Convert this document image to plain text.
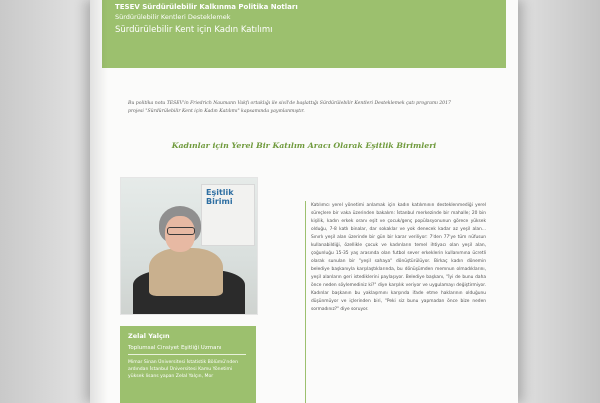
TESEV Sürdürülebilir Kalkınma Politika Notları
Sürdürülebilir Kentleri Desteklemek
Sürdürülebilir Kent için Kadın Katılımı
Bu politika notu TESEV'in Friedrich Naumann Vakfı ortaklığı ile sivil'de başlattığı Sürdürülebilir Kentleri Desteklemek çatı programı 2017 projesi "Sürdürülebilir Kent için Kadın Katılımı" kapsamında yayınlanmıştır.
Kadınlar için Yerel Bir Katılım Aracı Olarak Eşitlik Birimleri
Eşitlik Birimi
Zelal Yalçın
Toplumsal Cinsiyet Eşitliği Uzmanı
Mimar Sinan Üniversitesi İstatistik Bölümü'nden ardından İstanbul Üniversitesi Kamu Yönetimi yüksek lisans yapan Zelal Yalçın, Mor
Katılımcı yerel yönetimi anlamak için kadın katılımının desteklenmediği yerel süreçlere bir vaka üzerinden bakalım: İstanbul merkezinde bir mahalle; 20 bin kişilik, kadın erkek oranı eşit ve çocuk/genç popülasyonunun görece yüksek olduğu, 7-8 katlı binalar, dar sokaklar ve yok denecek kadar az yeşil alan... Sınırlı yeşil alan üzerinde bir gün bir karar veriliyor: 7'den 77'ye tüm nüfusun kullanabildiği, özellikle çocuk ve kadınların temel ihtiyacı olan yeşil alan, çoğunluğu 15-35 yaş arasında olan futbol sever erkeklerin kullanımına ücretli olarak sunulan bir "yeşil sahaya" dönüştürülüyor. Birkaç kadın dönemin belediye başkanıyla karşılaştıklarında, bu dönüşümden memnun olmadıklarını, yeşil alanların geri istediklerini paylaşıyor. Belediye başkanı, "İyi de bunu daha önce neden söylemediniz ki?" diye karşılık veriyor ve uygulamayı değiştirmiyor. Kadınlar başkanın bu yaklaşımını karşında ifade etme haklarının olduğunu düşünmüyor ve içlerinden biri, "Peki siz bunu yapmadan önce bize neden sormadınız?" diye soruyor.
